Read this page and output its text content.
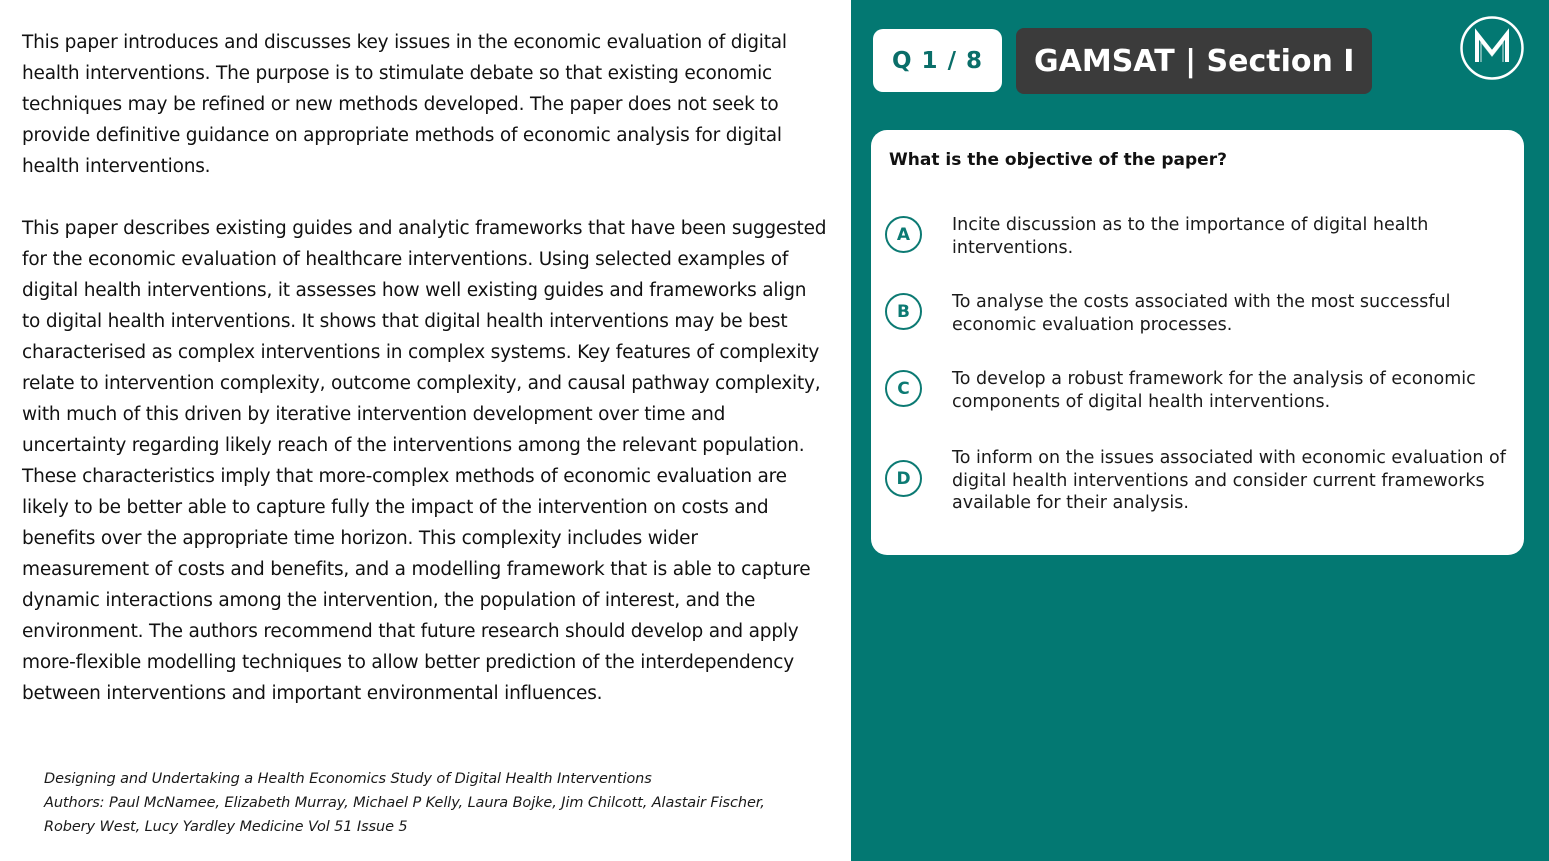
This paper introduces and discusses key issues in the economic evaluation of digital health interventions. The purpose is to stimulate debate so that existing economic techniques may be refined or new methods developed. The paper does not seek to provide definitive guidance on appropriate methods of economic analysis for digital health interventions.

This paper describes existing guides and analytic frameworks that have been suggested for the economic evaluation of healthcare interventions. Using selected examples of digital health interventions, it assesses how well existing guides and frameworks align to digital health interventions. It shows that digital health interventions may be best characterised as complex interventions in complex systems. Key features of complexity relate to intervention complexity, outcome complexity, and causal pathway complexity, with much of this driven by iterative intervention development over time and uncertainty regarding likely reach of the interventions among the relevant population. These characteristics imply that more-complex methods of economic evaluation are likely to be better able to capture fully the impact of the intervention on costs and benefits over the appropriate time horizon. This complexity includes wider measurement of costs and benefits, and a modelling framework that is able to capture dynamic interactions among the intervention, the population of interest, and the environment. The authors recommend that future research should develop and apply more-flexible modelling techniques to allow better prediction of the interdependency between interventions and important environmental influences.

Designing and Undertaking a Health Economics Study of Digital Health Interventions
Authors: Paul McNamee, Elizabeth Murray, Michael P Kelly, Laura Bojke, Jim Chilcott, Alastair Fischer,
Robery West, Lucy Yardley Medicine Vol 51 Issue 5
Q 1 / 8	GAMSAT | Section I
What is the objective of the paper?
A	Incite discussion as to the importance of digital health interventions.
B	To analyse the costs associated with the most successful economic evaluation processes.
C	To develop a robust framework for the analysis of economic components of digital health interventions.
D
To inform on the issues associated with economic evaluation of digital health interventions and consider current frameworks available for their analysis.
